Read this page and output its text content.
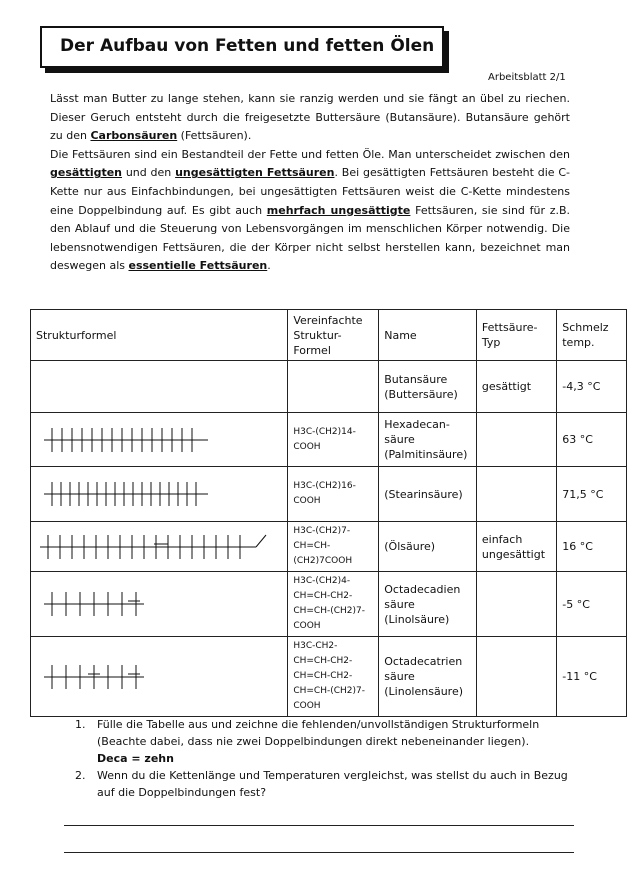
Der Aufbau von Fetten und fetten Ölen
Arbeitsblatt 2/1
Lässt man Butter zu lange stehen, kann sie ranzig werden und sie fängt an übel zu riechen. Dieser Geruch entsteht durch die freigesetzte Buttersäure (Butansäure). Butansäure gehört zu den Carbonsäuren (Fettsäuren).
Die Fettsäuren sind ein Bestandteil der Fette und fetten Öle. Man unterscheidet zwischen den gesättigten und den ungesättigten Fettsäuren. Bei gesättigten Fettsäuren besteht die C-Kette nur aus Einfachbindungen, bei ungesättigten Fettsäuren weist die C-Kette mindestens eine Doppelbindung auf. Es gibt auch mehrfach ungesättigte Fettsäuren, sie sind für z.B. den Ablauf und die Steuerung von Lebensvorgängen im menschlichen Körper notwendig. Die lebensnotwendigen Fettsäuren, die der Körper nicht selbst herstellen kann, bezeichnet man deswegen als essentielle Fettsäuren.
Strukturformel	Vereinfachte Struktur-Formel	Name	Fettsäure-Typ	Schmelz temp.
		Butansäure (Buttersäure)	gesättigt	-4,3 °C

	H3C-(CH2)14-COOH	Hexadecan-säure (Palmitinsäure)		63 °C

	H3C-(CH2)16-COOH	(Stearinsäure)		71,5 °C

	H3C-(CH2)7-CH=CH-(CH2)7COOH	(Ölsäure)	einfach ungesättigt	16 °C

	H3C-(CH2)4-CH=CH-CH2-CH=CH-(CH2)7-COOH	Octadecadien säure (Linolsäure)		-5 °C

	H3C-CH2-CH=CH-CH2-CH=CH-CH2-CH=CH-(CH2)7-COOH	Octadecatrien säure (Linolensäure)		-11 °C
1.	Fülle die Tabelle aus und zeichne die fehlenden/unvollständigen Strukturformeln (Beachte dabei, dass nie zwei Doppelbindungen direkt nebeneinander liegen).
Deca = zehn
2.	Wenn du die Kettenlänge und Temperaturen vergleichst, was stellst du auch in Bezug auf die Doppelbindungen fest?
